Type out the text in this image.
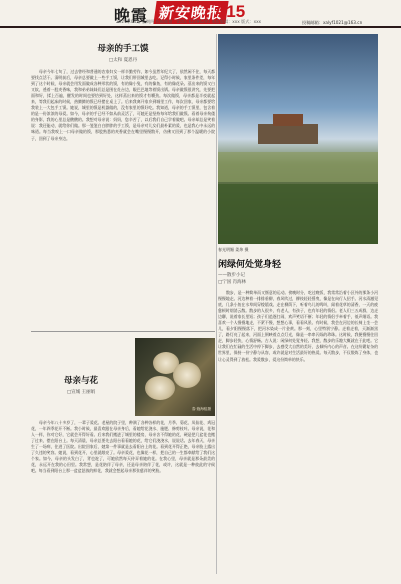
晚霞 新安晚报
A15
2021年04月 星期四 投稿邮箱：0551-62396200 本版编辑：xxx 版式：xxx	投稿邮箱：xalyf1021@163.cn
母亲的手工馍
□太和 夏恩丹
母亲今年七旬了，过去曾经和普通的农家妇女一样辛勤劳作，如今虽然年纪大了，依然闲不住，每天都要找点活干。清明前后，母亲总要做上一些手工馍，让我们带回城里去吃。记得小时候，家里条件差，每年到了这个时候，母亲就会用发面做成各种形状的馍，有的像小兔，有的像鱼，有的像花朵。蒸出来的馍又白又软，透着一股麦香味，我和弟弟妹妹们总是围在灶台边，眼巴巴地等着馍出锅。母亲做馍很讲究，先要把面和好，揉上百遍，醒发的时间也要恰到好处，这样蒸出来的馍才有嚼劲。每次做馍，母亲都是半夜就起来，等我们起床的时候，热腾腾的馍已经摆在桌上了。后来我离开家乡到城里工作，每次回家，母亲都要给我装上一大包手工馍。她说，城里的馍是机器做的，没有家里的馍好吃。我知道，母亲的手工馍里，包含着的是一份浓浓的母爱。如今，母亲的手已经不如从前灵活了，可她还是坚持每年给我们做馍。看着母亲佝偻的身影，我的心里总是酸酸的。我想对母亲说：妈妈，您辛苦了，以后我们自己学着做吧。母亲却总是笑着说：我还能动，就给你们做。那一笼笼白白胖胖的手工馍，是母亲对儿女们最朴素的爱，也是我心中永远的味道。每当我咬上一口母亲做的馍，那股熟悉的麦香就会在嘴里慢慢散开，仿佛又回到了那个温暖的小院子，回到了母亲身边。
母亲与花
□宣城 王丽娟
春·施海榕摄
母亲今年八十多岁了，一辈子爱花。老屋的院子里，种满了各种各样的花，月季、菊花、凤仙花、鸡冠花，一年四季花开不断。我小时候，最喜欢跟在母亲身后，看她给花浇水、施肥、修剪枝叶。母亲说，花和人一样，你对它好，它就会开得好看。后来我们搬进了城里的楼房，母亲舍不得她的花，硬是把几盆花也搬了过来，摆在阳台上。每天清晨，母亲总要先去阳台看看她的花，给它们浇浇水，说说话。去年春天，母亲生了一场病，住进了医院。出院回家后，她第一件事就是去看阳台上的花。看到花开得正艳，母亲脸上露出了久违的笑容。她说，看到花开，心里就敞亮了。母亲爱花，也像花一样，把自己的一生都奉献给了我们这个家。如今，母亲的头发白了，背也驼了，可她依然每天侍弄着她的花。在我心里，母亲就是那朵最美的花，永远开在我的心田里。我常想，是花陪伴了母亲，还是母亲陪伴了花，或许，这就是一种彼此的守候吧。每当看到阳台上那一盆盆怒放的鲜花，我就会想起母亲那张慈祥的笑脸。
春光明媚 姜炜 摄
闲绿何处觉身轻
——散步小记
□宁国 肖海林
散步，是一种简单而又惬意的运动。傍晚时分，吃过晚饭，我常常沿着小区外的那条小河慢慢地走。河边种着一排排垂柳，春风吹过，柳枝轻轻摇曳，像是在向行人招手。河水清澈见底，几条小鱼在水草间穿梭嬉戏。走在柳荫下，听着鸟儿的鸣叫，闻着花草的清香，一天的疲惫顿时烟消云散。散步的人很多，有老人，有孩子，也有年轻的情侣。老人们三五成群，边走边聊，说着家长里短；孩子们追逐打闹，欢声笑语不断；年轻的情侣手牵着手，低声细语。我喜欢一个人慢慢地走，不紧不慢，想想心事，看看风景。有时候，我会在河边的长椅上坐一会儿，看夕阳慢慢落下，把河水染成一片金黄。那一刻，心里特别宁静。走着走着，天渐渐黑了，路灯亮了起来，河面上倒映着点点灯光，像是一串串闪烁的珍珠。这时候，我便慢慢往回走，脚步轻快，心情舒畅。古人说：闲绿何处觉身轻。我想，散步的乐趣大概就在于此吧。它让我们在忙碌的生活中停下脚步，去感受大自然的美好，去倾听内心的声音。在这纷繁复杂的世界里，保持一份宁静与从容，或许就是对生活最好的热爱。每天散步，不仅锻炼了身体，也让心灵得到了放松。我爱散步，爱这份简单的快乐。
